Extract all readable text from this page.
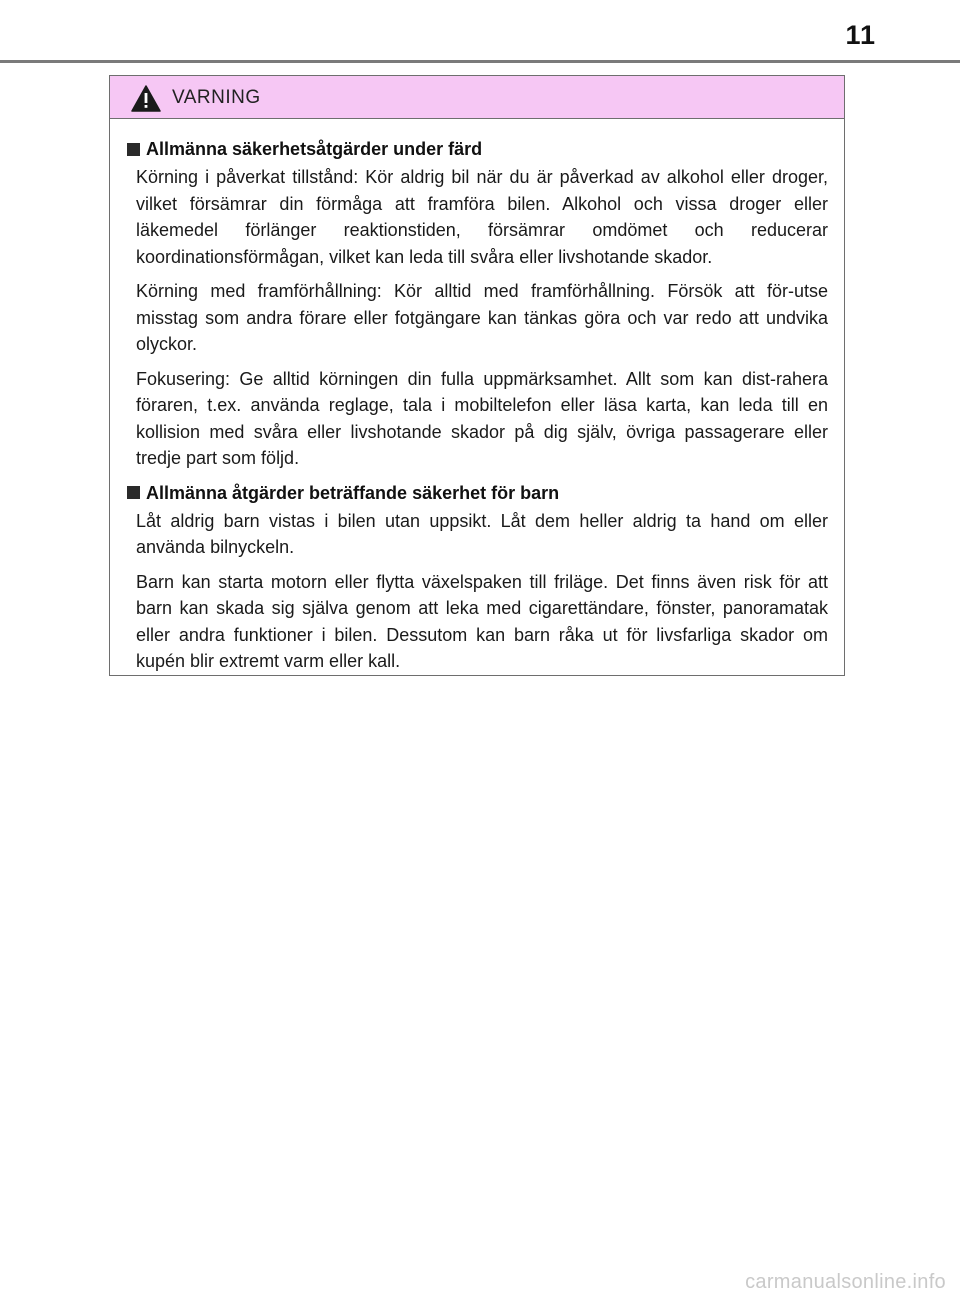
11
VARNING
Allmänna säkerhetsåtgärder under färd

Körning i påverkat tillstånd: Kör aldrig bil när du är påverkad av alkohol eller droger, vilket försämrar din förmåga att framföra bilen. Alkohol och vissa droger eller läkemedel förlänger reaktionstiden, försämrar omdömet och reducerar koordinationsförmågan, vilket kan leda till svåra eller livshotande skador.

Körning med framförhållning: Kör alltid med framförhållning. Försök att för-utse misstag som andra förare eller fotgängare kan tänkas göra och var redo att undvika olyckor.

Fokusering: Ge alltid körningen din fulla uppmärksamhet. Allt som kan dist-rahera föraren, t.ex. använda reglage, tala i mobiltelefon eller läsa karta, kan leda till en kollision med svåra eller livshotande skador på dig själv, övriga passagerare eller tredje part som följd.

Allmänna åtgärder beträffande säkerhet för barn

Låt aldrig barn vistas i bilen utan uppsikt. Låt dem heller aldrig ta hand om eller använda bilnyckeln.

Barn kan starta motorn eller flytta växelspaken till friläge. Det finns även risk för att barn kan skada sig själva genom att leka med cigarettändare, fönster, panoramatak eller andra funktioner i bilen. Dessutom kan barn råka ut för livsfarliga skador om kupén blir extremt varm eller kall.

carmanualsonline.info
